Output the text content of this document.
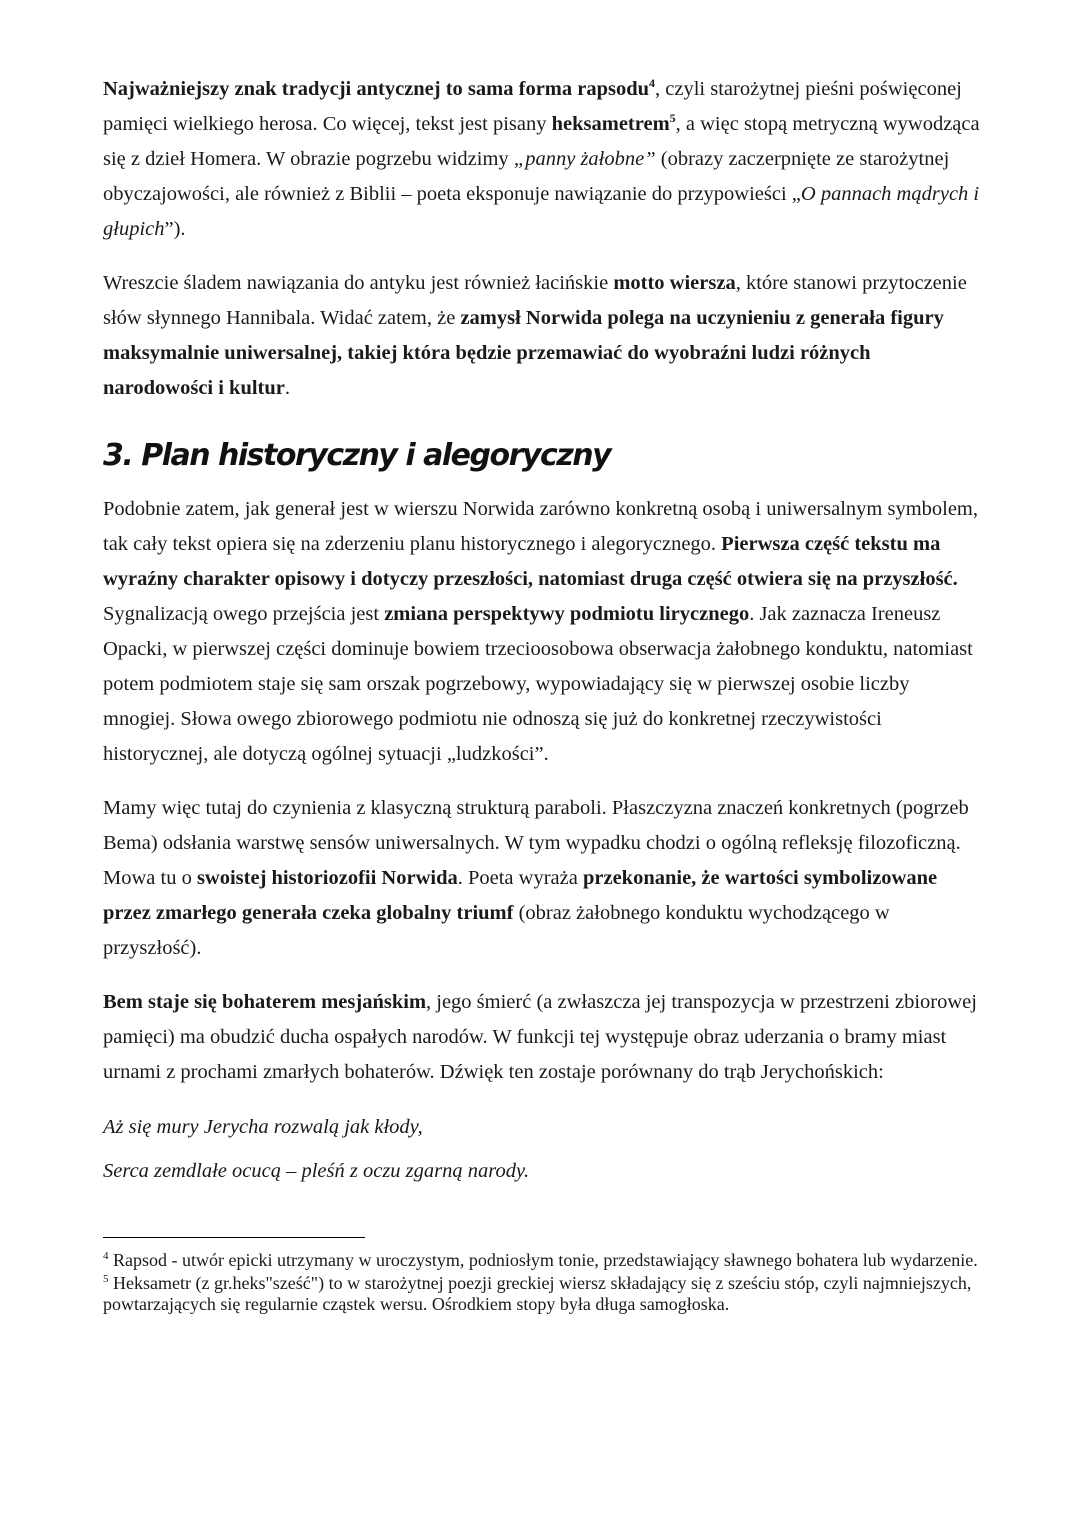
Najważniejszy znak tradycji antycznej to sama forma rapsodu$^4$, czyli starożytnej pieśni poświęconej pamięci wielkiego herosa. Co więcej, tekst jest pisany heksametrem$^5$, a więc stopą metryczną wywodząca się z dzieł Homera. W obrazie pogrzebu widzimy „panny żałobne” (obrazy zaczerpnięte ze starożytnej obyczajowości, ale również z Biblii – poeta eksponuje nawiązanie do przypowieści „O pannach mądrych i głupich”).

Wreszcie śladem nawiązania do antyku jest również łacińskie motto wiersza, które stanowi przytoczenie słów słynnego Hannibala. Widać zatem, że zamysł Norwida polega na uczynieniu z generała figury maksymalnie uniwersalnej, takiej która będzie przemawiać do wyobraźni ludzi różnych narodowości i kultur.

3. Plan historyczny i alegoryczny

Podobnie zatem, jak generał jest w wierszu Norwida zarówno konkretną osobą i uniwersalnym symbolem, tak cały tekst opiera się na zderzeniu planu historycznego i alegorycznego. Pierwsza część tekstu ma wyraźny charakter opisowy i dotyczy przeszłości, natomiast druga część otwiera się na przyszłość. Sygnalizacją owego przejścia jest zmiana perspektywy podmiotu lirycznego. Jak zaznacza Ireneusz Opacki, w pierwszej części dominuje bowiem trzecioosobowa obserwacja żałobnego konduktu, natomiast potem podmiotem staje się sam orszak pogrzebowy, wypowiadający się w pierwszej osobie liczby mnogiej. Słowa owego zbiorowego podmiotu nie odnoszą się już do konkretnej rzeczywistości historycznej, ale dotyczą ogólnej sytuacji „ludzkości”.

Mamy więc tutaj do czynienia z klasyczną strukturą paraboli. Płaszczyzna znaczeń konkretnych (pogrzeb Bema) odsłania warstwę sensów uniwersalnych. W tym wypadku chodzi o ogólną refleksję filozoficzną. Mowa tu o swoistej historiozofii Norwida. Poeta wyraża przekonanie, że wartości symbolizowane przez zmarłego generała czeka globalny triumf (obraz żałobnego konduktu wychodzącego w przyszłość).

Bem staje się bohaterem mesjańskim, jego śmierć (a zwłaszcza jej transpozycja w przestrzeni zbiorowej pamięci) ma obudzić ducha ospałych narodów. W funkcji tej występuje obraz uderzania o bramy miast urnami z prochami zmarłych bohaterów. Dźwięk ten zostaje porównany do trąb Jerychońskich:

Aż się mury Jerycha rozwalą jak kłody,

Serca zemdlałe ocucą – pleśń z oczu zgarną narody.

$^4$ Rapsod - utwór epicki utrzymany w uroczystym, podniosłym tonie, przedstawiający sławnego bohatera lub wydarzenie.

$^5$ Heksametr (z gr.heks"sześć") to w starożytnej poezji greckiej wiersz składający się z sześciu stóp, czyli najmniejszych, powtarzających się regularnie cząstek wersu. Ośrodkiem stopy była długa samogłoska.
